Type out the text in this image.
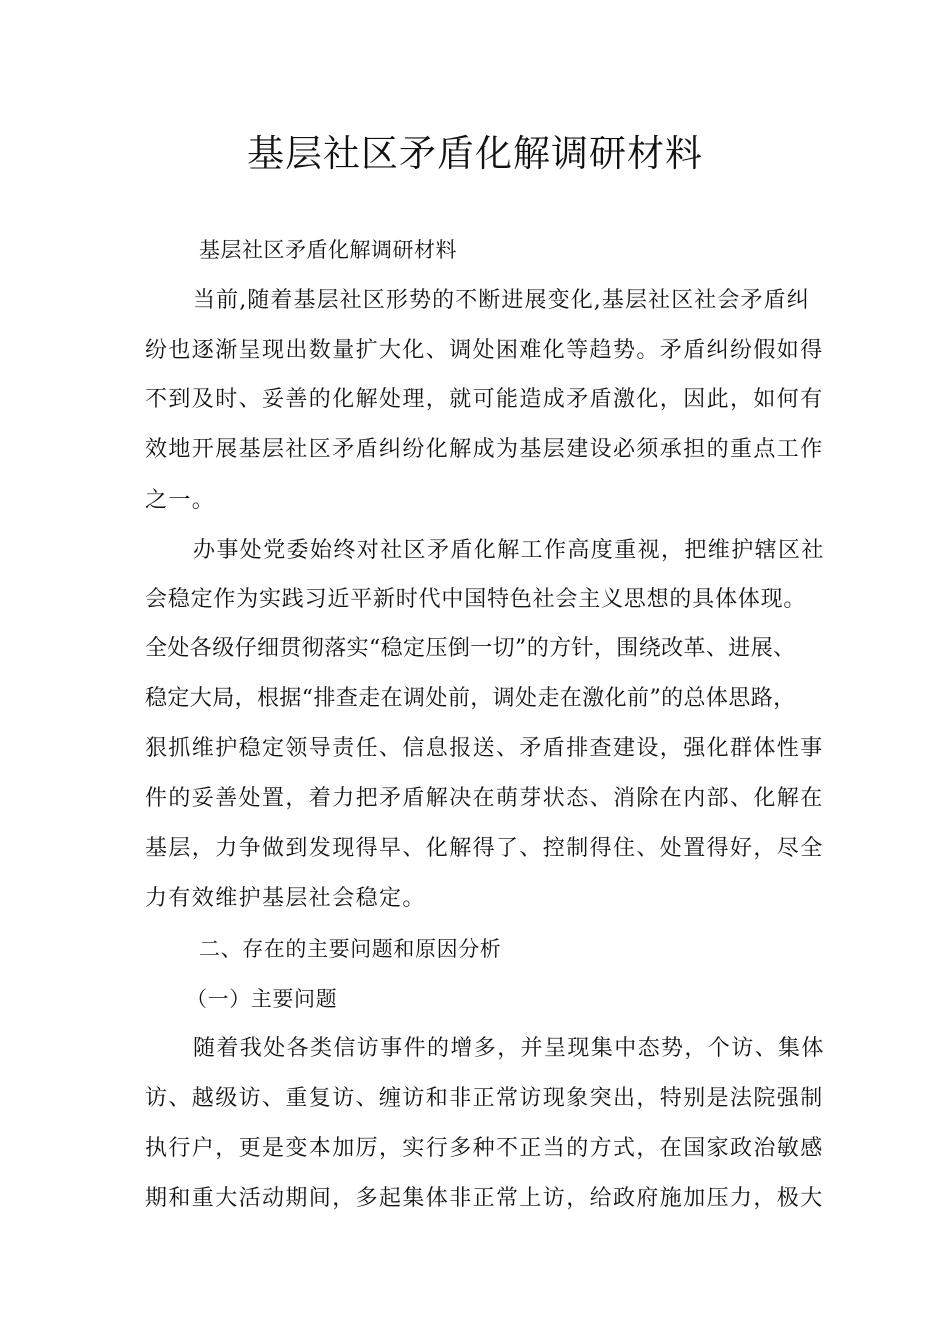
基层社区矛盾化解调研材料

基层社区矛盾化解调研材料

当前,随着基层社区形势的不断进展变化,基层社区社会矛盾纠

纷也逐渐呈现出数量扩大化、调处困难化等趋势。矛盾纠纷假如得

不到及时、妥善的化解处理，就可能造成矛盾激化，因此，如何有

效地开展基层社区矛盾纠纷化解成为基层建设必须承担的重点工作

之一。

办事处党委始终对社区矛盾化解工作高度重视，把维护辖区社

会稳定作为实践习近平新时代中国特色社会主义思想的具体体现。

全处各级仔细贯彻落实“稳定压倒一切”的方针，围绕改革、进展、

稳定大局，根据“排查走在调处前，调处走在激化前”的总体思路，

狠抓维护稳定领导责任、信息报送、矛盾排查建设，强化群体性事

件的妥善处置，着力把矛盾解决在萌芽状态、消除在内部、化解在

基层，力争做到发现得早、化解得了、控制得住、处置得好，尽全

力有效维护基层社会稳定。

二、存在的主要问题和原因分析

（一）主要问题

随着我处各类信访事件的增多，并呈现集中态势，个访、集体

访、越级访、重复访、缠访和非正常访现象突出，特别是法院强制

执行户，更是变本加厉，实行多种不正当的方式，在国家政治敏感

期和重大活动期间，多起集体非正常上访，给政府施加压力，极大
